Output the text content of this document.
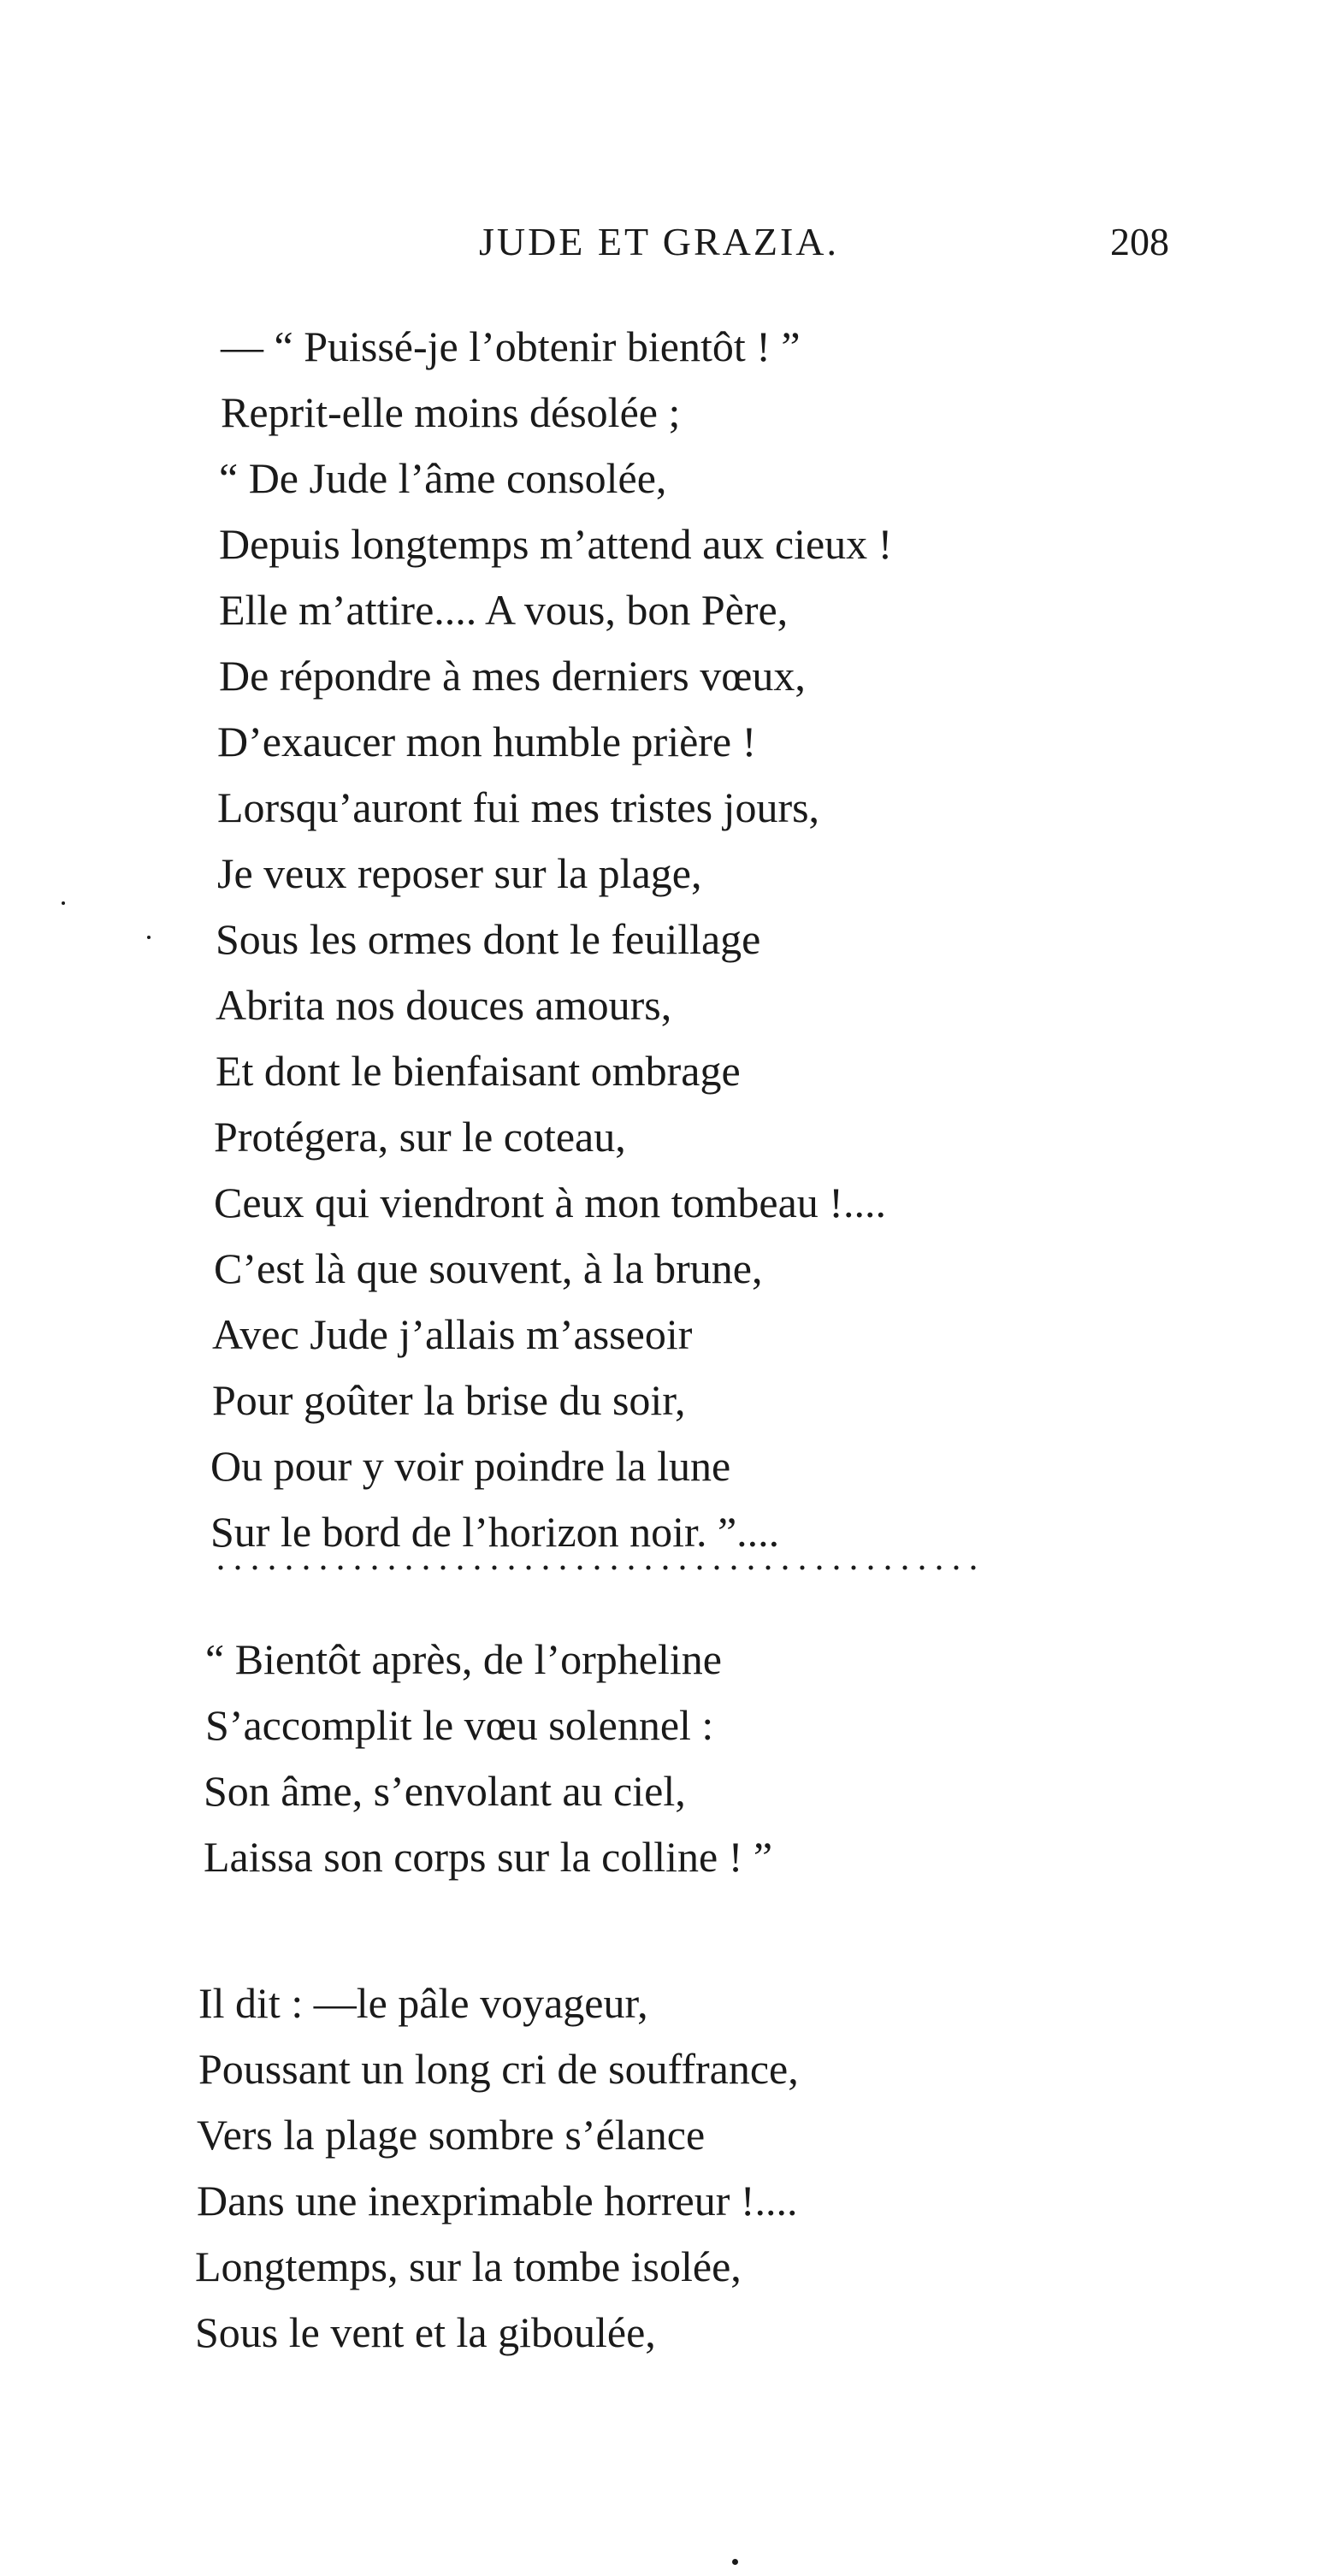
JUDE ET GRAZIA.	208
— “ Puissé-je l’obtenir bientôt ! ”
Reprit-elle moins désolée ;
“ De Jude l’âme consolée,
Depuis longtemps m’attend aux cieux !
Elle m’attire.... A vous, bon Père,
De répondre à mes derniers vœux,
D’exaucer mon humble prière !
Lorsqu’auront fui mes tristes jours,
Je veux reposer sur la plage,
Sous les ormes dont le feuillage
Abrita nos douces amours,
Et dont le bienfaisant ombrage
Protégera, sur le coteau,
Ceux qui viendront à mon tombeau !....
C’est là que souvent, à la brune,
Avec Jude j’allais m’asseoir
Pour goûter la brise du soir,
Ou pour y voir poindre la lune
Sur le bord de l’horizon noir. ”....
“ Bientôt après, de l’orpheline
S’accomplit le vœu solennel :
Son âme, s’envolant au ciel,
Laissa son corps sur la colline ! ”
Il dit : —le pâle voyageur,
Poussant un long cri de souffrance,
Vers la plage sombre s’élance
Dans une inexprimable horreur !....
Longtemps, sur la tombe isolée,
Sous le vent et la giboulée,
